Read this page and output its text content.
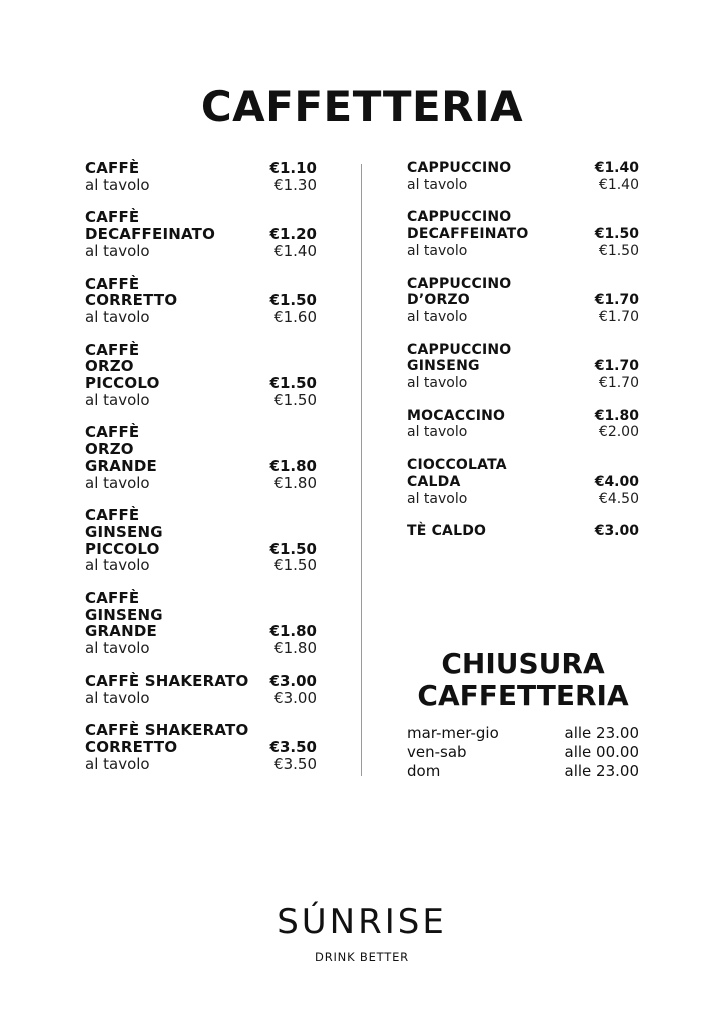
CAFFETTERIA
CAFFÈ	€1.10
al tavolo	€1.30
CAFFÈ
DECAFFEINATO	€1.20
al tavolo	€1.40
CAFFÈ
CORRETTO	€1.50
al tavolo	€1.60
CAFFÈ
ORZO
PICCOLO	€1.50
al tavolo	€1.50
CAFFÈ
ORZO
GRANDE	€1.80
al tavolo	€1.80
CAFFÈ
GINSENG
PICCOLO	€1.50
al tavolo	€1.50
CAFFÈ
GINSENG
GRANDE	€1.80
al tavolo	€1.80
CAFFÈ SHAKERATO €3.00
al tavolo	€3.00
CAFFÈ SHAKERATO
CORRETTO	€3.50
al tavolo	€3.50
CAPPUCCINO	€1.40
al tavolo	€1.40
CAPPUCCINO
DECAFFEINATO	€1.50
al tavolo	€1.50
CAPPUCCINO
D’ORZO	€1.70
al tavolo	€1.70
CAPPUCCINO
GINSENG	€1.70
al tavolo	€1.70
MOCACCINO	€1.80
al tavolo	€2.00
CIOCCOLATA
CALDA	€4.00
al tavolo	€4.50
TÈ CALDO	€3.00
CHIUSURA
CAFFETTERIA
mar-mer-gio	alle 23.00
ven-sab	alle 00.00
dom	alle 23.00
SÚNRISE
DRINK BETTER
